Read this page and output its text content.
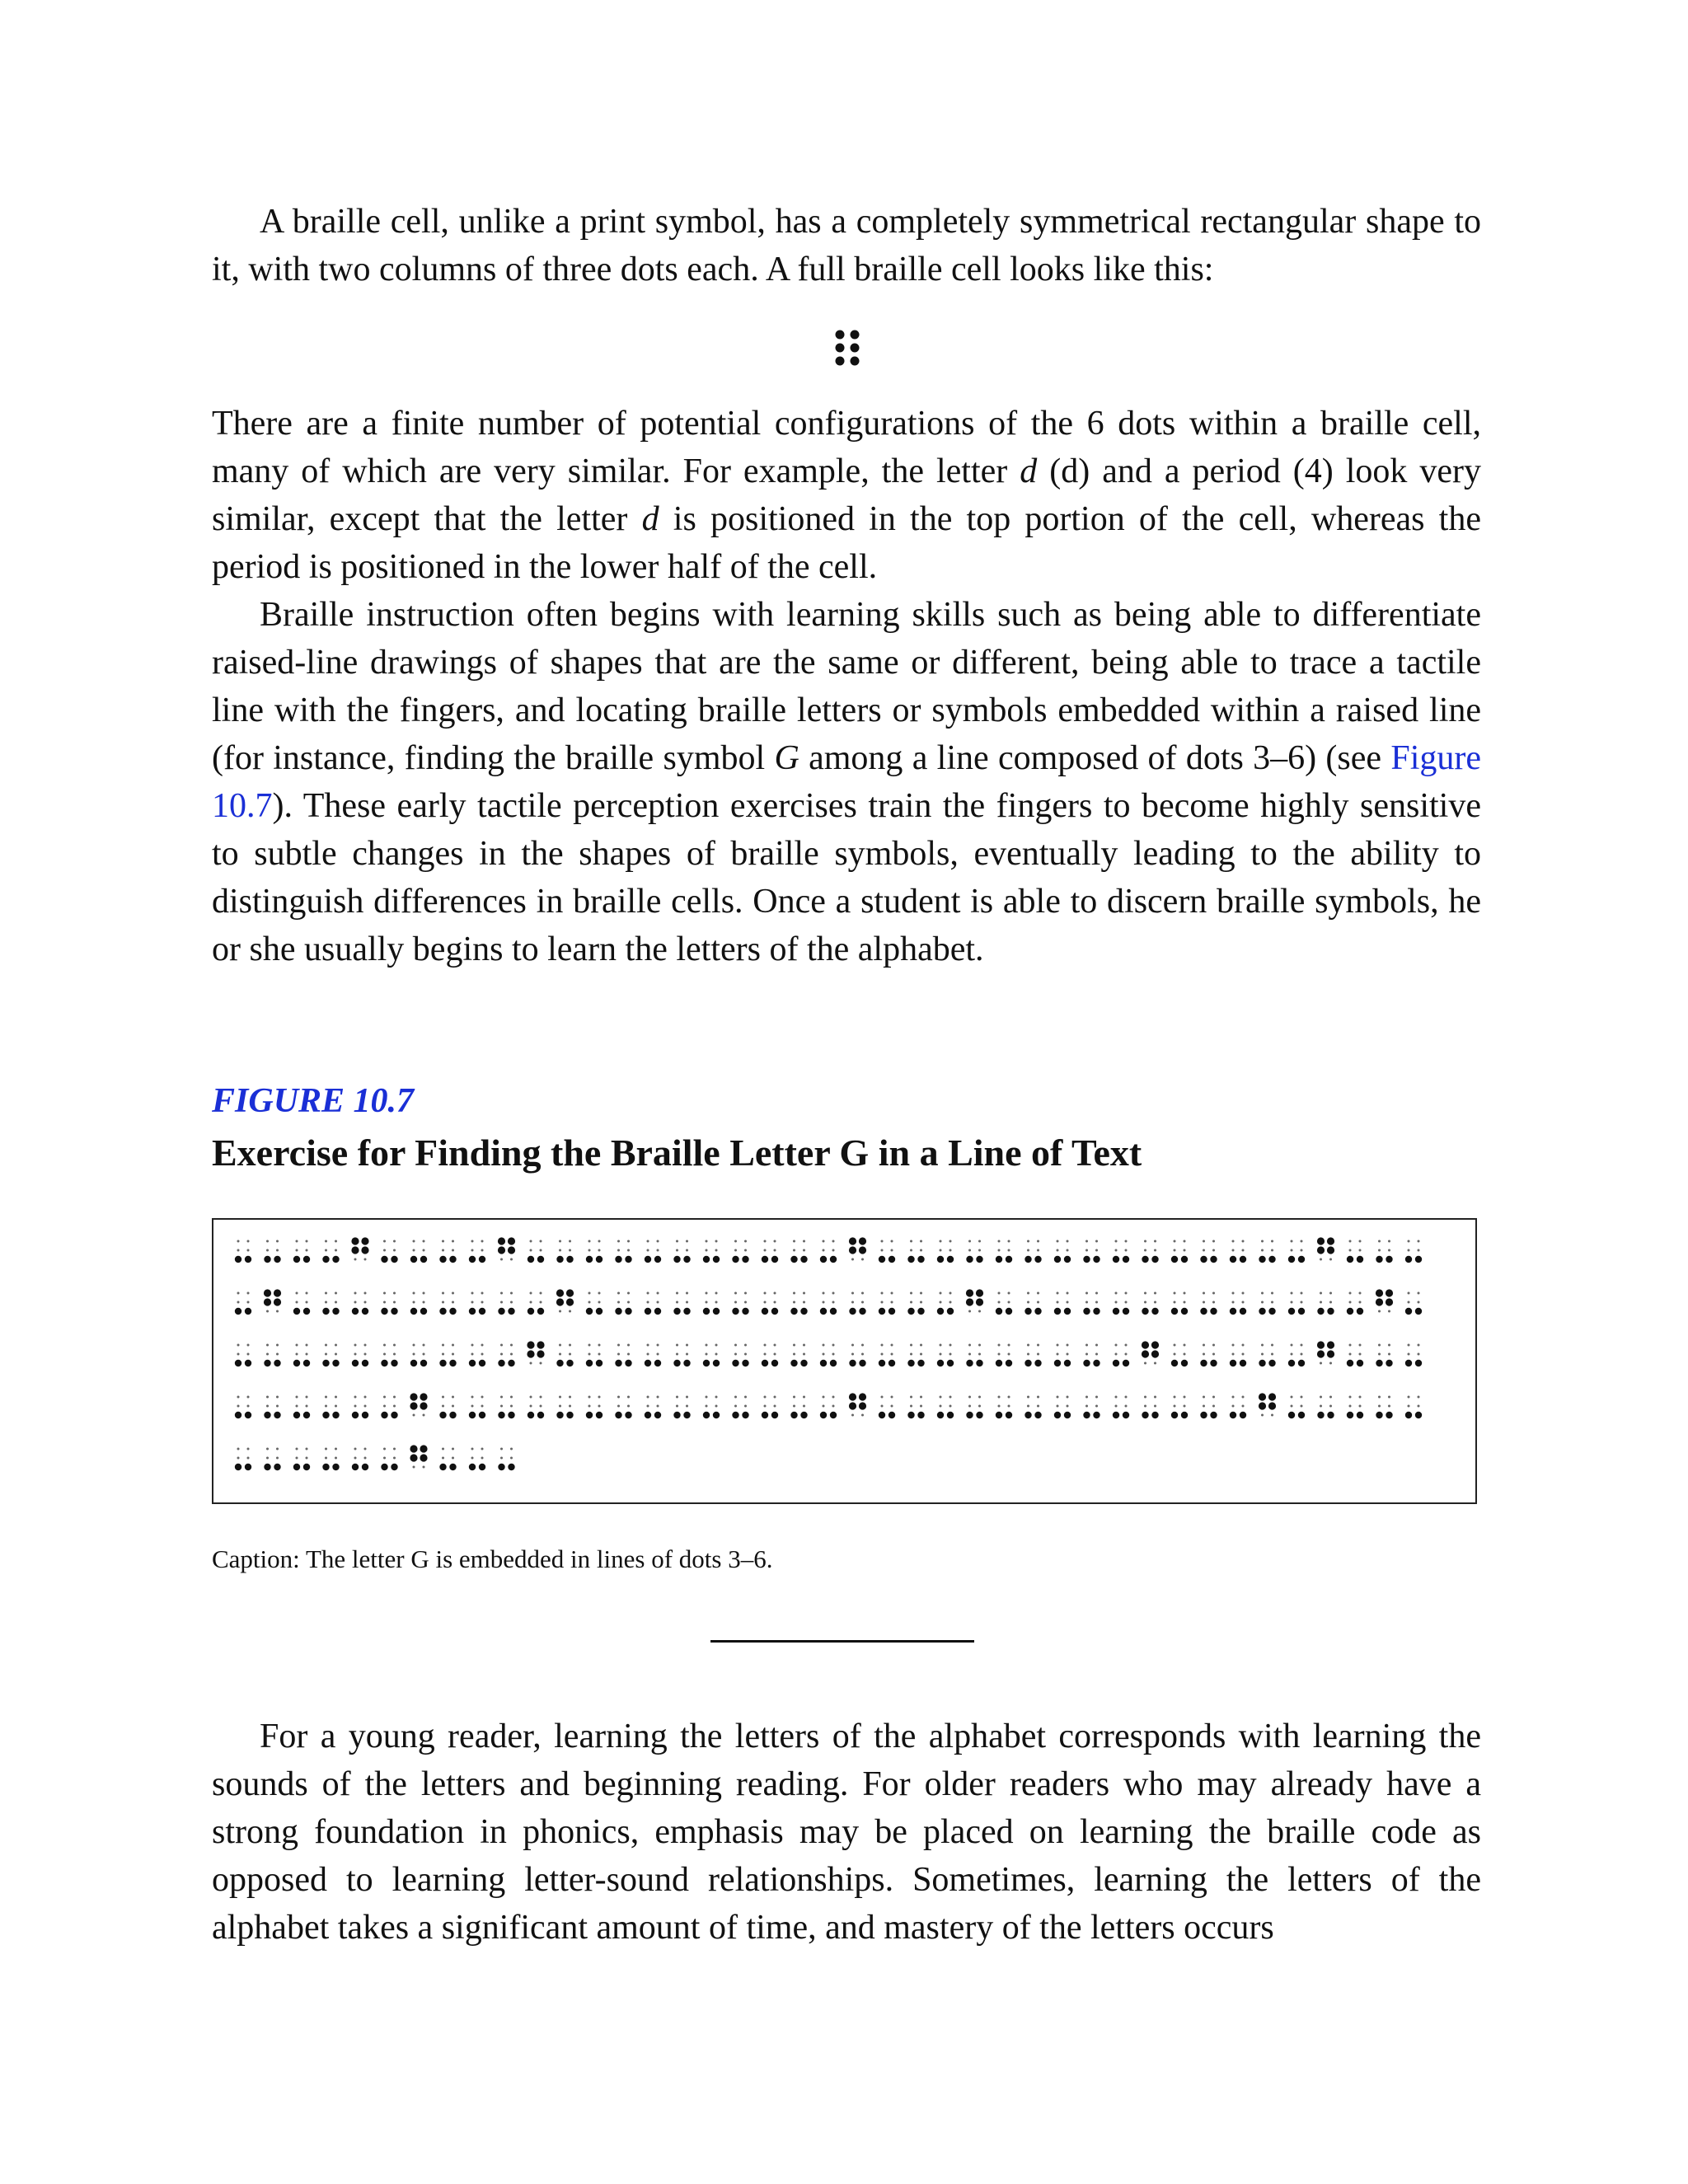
A braille cell, unlike a print symbol, has a completely symmetrical rectangular shape to it, with two columns of three dots each. A full braille cell looks like this:

There are a finite number of potential configurations of the 6 dots within a braille cell, many of which are very similar. For example, the letter d (d) and a period (4) look very similar, except that the letter d is positioned in the top portion of the cell, whereas the period is positioned in the lower half of the cell.

Braille instruction often begins with learning skills such as being able to differentiate raised-line drawings of shapes that are the same or different, being able to trace a tactile line with the fingers, and locating braille letters or symbols embedded within a raised line (for instance, finding the braille symbol G among a line composed of dots 3–6) (see Figure 10.7). These early tactile perception exercises train the fingers to become highly sensitive to subtle changes in the shapes of braille symbols, eventually leading to the ability to distinguish differences in braille cells. Once a student is able to discern braille symbols, he or she usually begins to learn the letters of the alphabet.

FIGURE 10.7
Exercise for Finding the Braille Letter G in a Line of Text
Caption: The letter G is embedded in lines of dots 3–6.

For a young reader, learning the letters of the alphabet corresponds with learning the sounds of the letters and beginning reading. For older readers who may already have a strong foundation in phonics, emphasis may be placed on learning the braille code as opposed to learning letter-sound relationships. Sometimes, learning the letters of the alphabet takes a significant amount of time, and mastery of the letters occurs
